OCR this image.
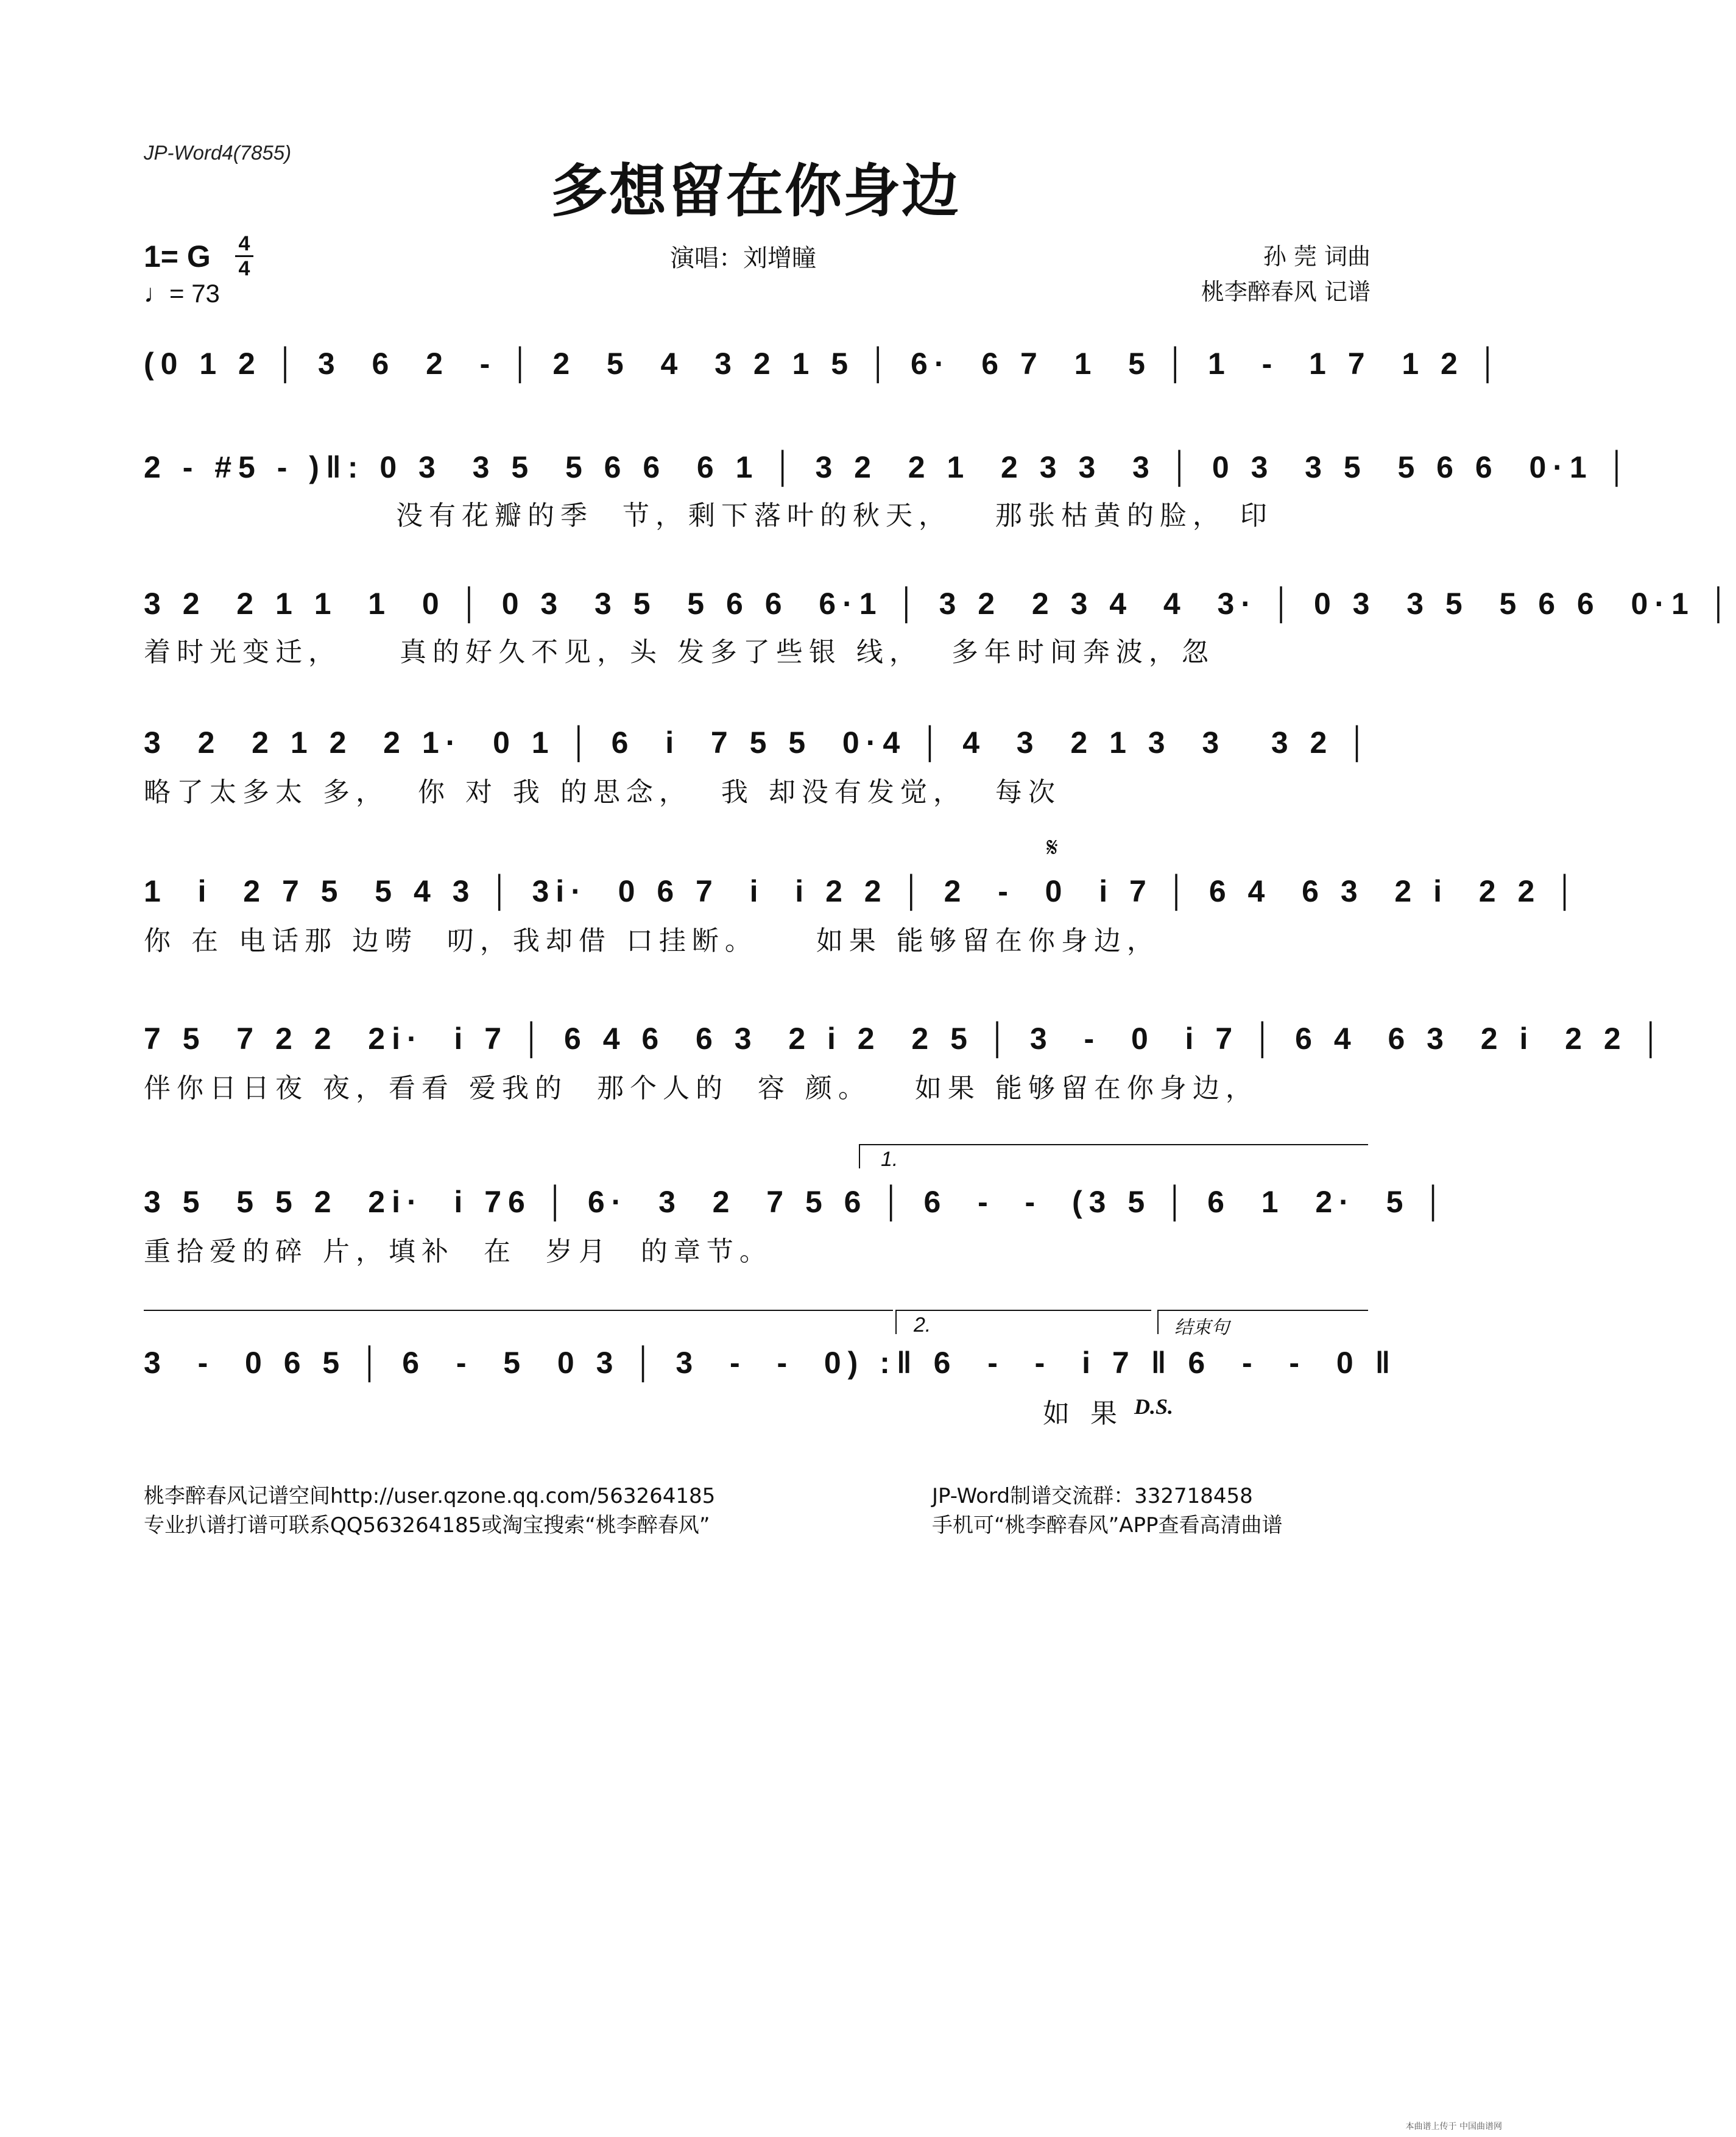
JP-Word4(7855)
多想留在你身边
1= G 4
4
♩= 73
演唱：刘增瞳	孙 莞 词曲
桃李醉春风 记谱
(0 1 2 │ 3  6  2  - │ 2  5  4  3 2 1 5 │ 6·  6 7  1  5 │ 1  -  1 7  1 2 │
2 - #5 - )‖: 0 3  3 5  5 6 6  6 1 │ 3 2  2 1  2 3 3  3 │ 0 3  3 5  5 6 6  0·1 │
没有花瓣的季  节，剩下落叶的秋天，   那张枯黄的脸， 印
3 2  2 1 1  1  0 │ 0 3  3 5  5 6 6  6·1 │ 3 2  2 3 4  4  3· │ 0 3  3 5  5 6 6  0·1 │
着时光变迁，    真的好久不见，头 发多了些银 线，  多年时间奔波，忽
3  2  2 1 2  2 1·  0 1 │ 6  i  7 5 5  0·4 │ 4  3  2 1 3  3   3 2 │
略了太多太 多，  你 对 我 的思念，  我 却没有发觉，  每次
𝄋
1  i  2 7 5  5 4 3 │ 3i·  0 6 7  i  i 2 2 │ 2  -  0  i 7 │ 6 4  6 3  2 i  2 2 │
你 在 电话那 边唠  叨，我却借 口挂断。    如果 能够留在你身边，
7 5  7 2 2  2i·  i 7 │ 6 4 6  6 3  2 i 2  2 5 │ 3  -  0  i 7 │ 6 4  6 3  2 i  2 2 │
伴你日日夜 夜，看看 爱我的  那个人的  容 颜。   如果 能够留在你身边，
1.
3 5  5 5 2  2i·  i 76 │ 6·  3  2  7 5 6 │ 6  -  -  (3 5 │ 6  1  2·  5 │
重拾爱的碎 片，填补  在  岁月  的章节。
2.	结束句
3  -  0 6 5 │ 6  -  5  0 3 │ 3  -  -  0) :‖ 6  -  -  i 7 ‖ 6  -  -  0 ‖
如 果 D.S.
桃李醉春风记谱空间http://user.qzone.qq.com/563264185
专业扒谱打谱可联系QQ563264185或淘宝搜索“桃李醉春风”
JP-Word制谱交流群：332718458
手机可“桃李醉春风”APP查看高清曲谱
本曲谱上传于 中国曲谱网
